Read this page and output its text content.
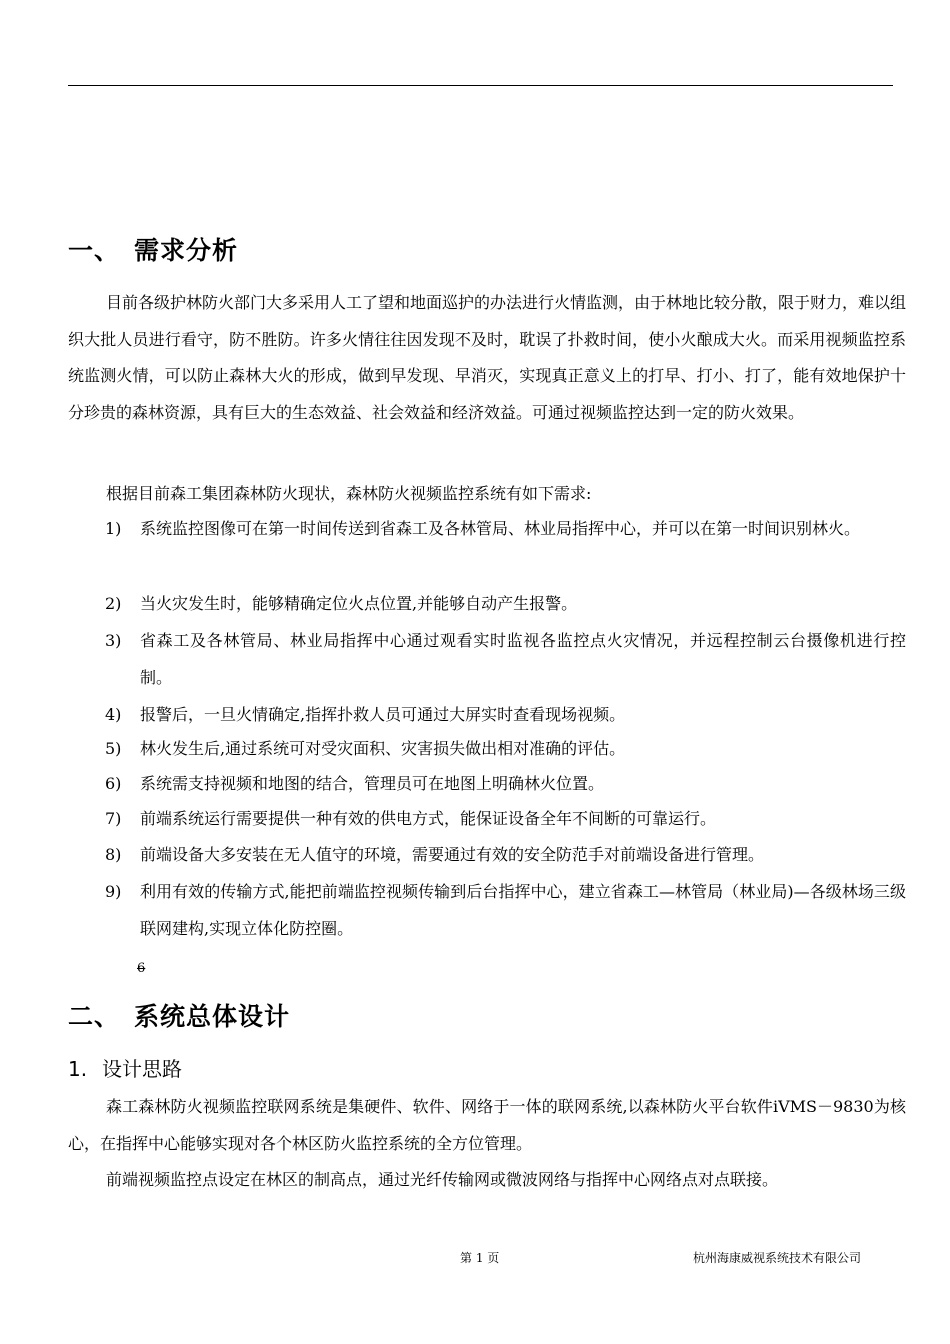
一、 需求分析

目前各级护林防火部门大多采用人工了望和地面巡护的办法进行火情监测，由于林地比较分散，限于财力，难以组织大批人员进行看守，防不胜防。许多火情往往因发现不及时，耽误了扑救时间，使小火酿成大火。而采用视频监控系统监测火情，可以防止森林大火的形成，做到早发现、早消灭，实现真正意义上的打早、打小、打了，能有效地保护十分珍贵的森林资源，具有巨大的生态效益、社会效益和经济效益。可通过视频监控达到一定的防火效果。

根据目前森工集团森林防火现状，森林防火视频监控系统有如下需求:

1) 系统监控图像可在第一时间传送到省森工及各林管局、林业局指挥中心，并可以在第一时间识别林火。
2) 当火灾发生时，能够精确定位火点位置,并能够自动产生报警。
3) 省森工及各林管局、林业局指挥中心通过观看实时监视各监控点火灾情况，并远程控制云台摄像机进行控制。
4) 报警后，一旦火情确定,指挥扑救人员可通过大屏实时查看现场视频。
5) 林火发生后,通过系统可对受灾面积、灾害损失做出相对准确的评估。
6) 系统需支持视频和地图的结合，管理员可在地图上明确林火位置。
7) 前端系统运行需要提供一种有效的供电方式，能保证设备全年不间断的可靠运行。
8) 前端设备大多安装在无人值守的环境，需要通过有效的安全防范手对前端设备进行管理。
9) 利用有效的传输方式,能把前端监控视频传输到后台指挥中心，建立省森工—林管局（林业局)—各级林场三级联网建构,实现立体化防控圈。
6
二、 系统总体设计
1. 设计思路

森工森林防火视频监控联网系统是集硬件、软件、网络于一体的联网系统,以森林防火平台软件iVMS－9830为核心，在指挥中心能够实现对各个林区防火监控系统的全方位管理。

前端视频监控点设定在林区的制高点，通过光纤传输网或微波网络与指挥中心网络点对点联接。

第 1 页	杭州海康威视系统技术有限公司
